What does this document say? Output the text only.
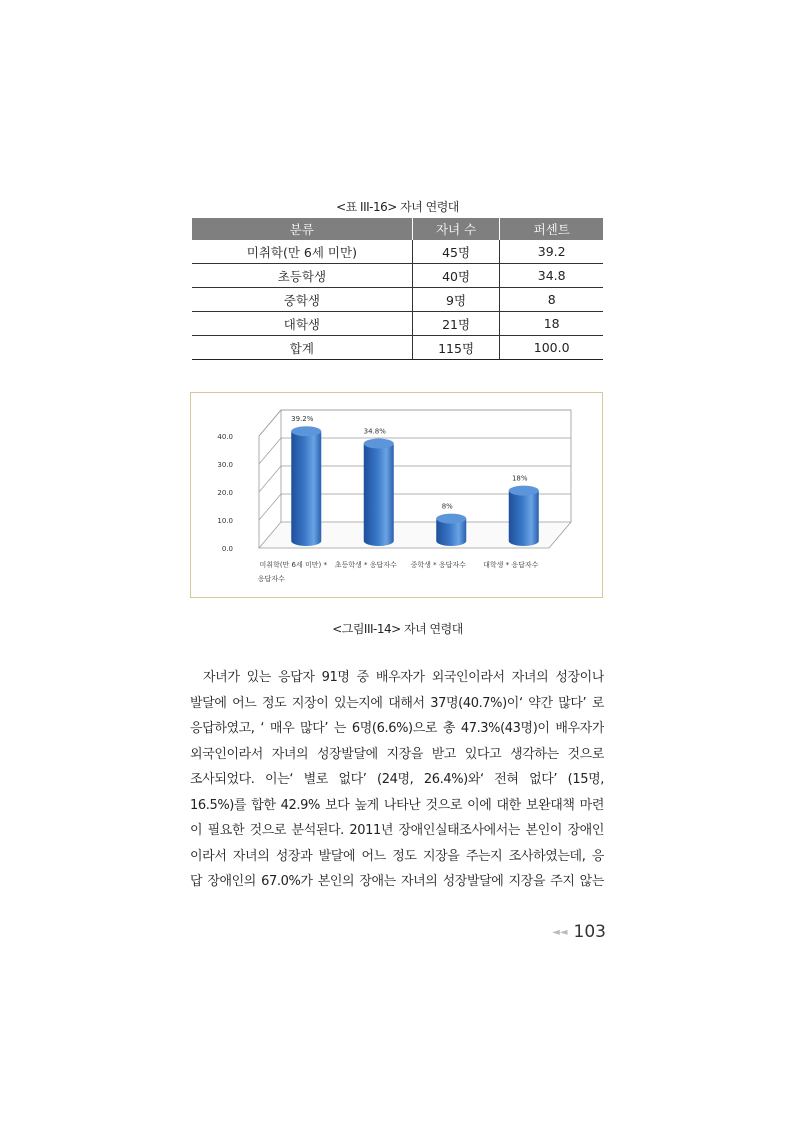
<표 III-16> 자녀 연령대
분류	자녀 수	퍼센트
미취학(만 6세 미만)	45명	39.2
초등학생	40명	34.8
중학생	9명	8
대학생	21명	18
합계	115명	100.0
0.0
10.0
20.0
30.0
40.0
39.2%
34.8%
8%
18%
미취학(만 6세 미만) * 응답자수
초등학생 * 응답자수 중학생 * 응답자수 대학생 * 응답자수
<그림III-14> 자녀 연령대
자녀가 있는 응답자 91명 중 배우자가 외국인이라서 자녀의 성장이나
발달에 어느 정도 지장이 있는지에 대해서 37명(40.7%)이‘ 약간 많다’ 로
응답하였고, ‘ 매우 많다’ 는 6명(6.6%)으로 총 47.3%(43명)이 배우자가
외국인이라서 자녀의 성장발달에 지장을 받고 있다고 생각하는 것으로
조사되었다. 이는‘ 별로 없다’ (24명, 26.4%)와‘ 전혀 없다’ (15명,
16.5%)를 합한 42.9% 보다 높게 나타난 것으로 이에 대한 보완대책 마련
이 필요한 것으로 분석된다. 2011년 장애인실태조사에서는 본인이 장애인
이라서 자녀의 성장과 발달에 어느 정도 지장을 주는지 조사하였는데, 응
답 장애인의 67.0%가 본인의 장애는 자녀의 성장발달에 지장을 주지 않는
◄◄ 103
